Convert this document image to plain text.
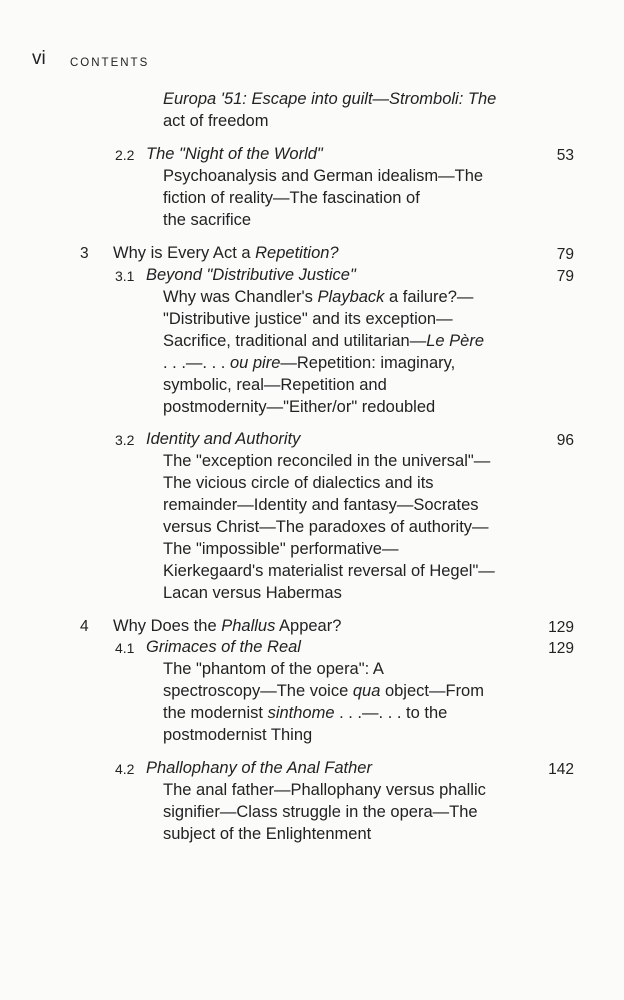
vi CONTENTS
Europa '51: Escape into guilt—Stromboli: The
act of freedom
2.2 The "Night of the World"	53
Psychoanalysis and German idealism—The
fiction of reality—The fascination of
the sacrifice
3 Why is Every Act a Repetition?	79
3.1 Beyond "Distributive Justice"	79
Why was Chandler's Playback a failure?—
"Distributive justice" and its exception—
Sacrifice, traditional and utilitarian—Le Père
. . .—. . . ou pire—Repetition: imaginary,
symbolic, real—Repetition and
postmodernity—"Either/or" redoubled
3.2 Identity and Authority	96
The "exception reconciled in the universal"—
The vicious circle of dialectics and its
remainder—Identity and fantasy—Socrates
versus Christ—The paradoxes of authority—
The "impossible" performative—
Kierkegaard's materialist reversal of Hegel"—
Lacan versus Habermas
4 Why Does the Phallus Appear?	129
4.1 Grimaces of the Real	129
The "phantom of the opera": A
spectroscopy—The voice qua object—From
the modernist sinthome . . .—. . . to the
postmodernist Thing
4.2 Phallophany of the Anal Father	142
The anal father—Phallophany versus phallic
signifier—Class struggle in the opera—The
subject of the Enlightenment
